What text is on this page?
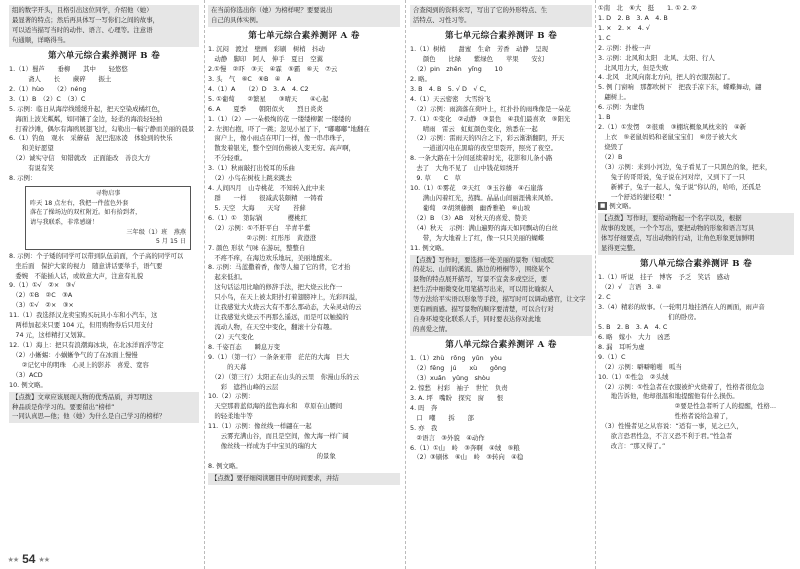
组的数字开头，且格引出这位同学，介绍他（她）
最显著的特点；然后再具体写一写你们之间的故事，
可以适当描写当时的动作、语言、心理等。注意语
句通顺，详略得当。
第六单元综合素养测评 B 卷
1.（1）蜀芦　　垂柳　　其中　　轻悠悠
　　　斋人　　长　　蕨碎　　振土
2.（1）hùo　　（2）néng
3.（1）B　（2）C　（3）C
5. 示例：临日从海岸线缓缓升起，把天空染成橘红色，
　海面上波光粼粼，如同镶了金边，轻柔的海浪轻轻拍
　打着沙滩，偶尔有海鸥展翅飞过，勾勒出一幅宁静而美丽的晨景
6.（1）钓鱼　观水　采蘑菇　泥巴泡冰凌　体验到的快乐
　　和美好愿望
　（2）诚实守信　知错就改　正面能改　善良大方
　　　有说有笑
8. 示例：
寻物启事
昨天 18 点左右，我把一件蓝色外套
落在了操场边的双杠附近。如有拾到者，
请与我联系，非常感谢！
三年级（1）班　燕燕
5 月 15 日
8. 示例：个子矮的同学可以带到队伍前面，个子高的同学可以
　坐后面　保护大家的视力　随意讲话要举手，语气要
　委婉　不能插人话，或故意大声，注意有礼貌
9.（1）①√　②×　③√
　（2）①B　②C　③A
　（3）①√　②×　③×
11.（1）我选择汉龙卖宝购买玩具小车和小汽车，这
　两样加起来只要 104 元，但用购物券后只用支付
　74 元，这样精打又划算。
12.（1）海上：把只有浪潮海冰块，在北冰洋面浮等定
　（2）小蜥蜴：小蜗蜥争气的了在冰面上慢慢
　　②记忆中的明珠　心灵上的影苏　喜爱、宽容
　（3）ACD
10. 例文略。
【点拨】文章应该展现人物的优秀品质，并写明这
种品质是你学习的。要要留出“榜样”
一同认真思—他；他（她）为什么是自己学习的榜样？
在当前你选出你（她）为榜样呢？要要说出
自己的具体实例。
第七单元综合素养测评 A 卷
1. 沉闷　渡过　壁画　彩刷　树梢　抖动
　动静　脚印　阿人　伸手　夏日　空翼
2.①慢　②吓　③天　④霖　⑤霸　⑥天　⑦云
3. 头　气　⑥C　⑥B　④　A
4.（1）A　　（2）D　3. A　4. C2
5. ①葡萄　　②繁星　　③晴天　　④心起
6. A　　夏季　　朝阳似火　　烈日炎炎
1.（1）（2）—一朵极绚的花 一缕缕柳絮 一缕缕的
2. 左拥右抱，吓了一跳；忽见小星了下，“嘟嘟嘟”地翻在
　窗户上，像小雨点在叩门一样，像一串串珠子，
　散发着银光，整个空间仿佛被人变无穷。高声啊，
　不分轻重。
3.（1）秋雨敲打出悦耳的乐曲
　（2）小鸟在树枝上跳来跳去
4. 人间四月　山寺桃花　不知转入此中来
　群　　一样　　很减武装颇精　一铸看
　5. 天空　大海　　天穹　　苔藓
6.（1）①　第际锅　　　　樱桃红
　（2）示例：①不肝平白　半青半紫
　　　　　　②示例：红彤彤　黄澄澄
7. 颜色 形状 气味 在游玩，整整自
　不疼不痒，在海边欢乐地玩，美丽地醒来。
8. 示例：马蓝撒着香，像等人撞了它的背，它才抬
　起来低扣。
　这句话运用比喻的修辞手法，把大烧云比作一
　只小鸟，在天上被太阳扑打着翅膀冲上，光彩四溢，
　让我感觉大火烧云大有不那么那动态，大朵灵动的云
　让我感觉火烧云不再那么遥远，而是可以触摸的
　流动人物，在天空中变化，翻滚十分有趣。
　（2）天气变化
8. 千姿百态　　瞬息万变
9.（1）（第一行）一条条亚带　茫茫的大海　巨大
　　　的天幕
　（2）（第三行）太阳正在山头的云里　你漫山乐的云
　　彩　遮挡山峰的云层
10.（2）示例：
　天空那碧蓝似海的蓝色海水和　草原在山腰间
　的轻柔地牛等
11.（1）示例：像丝线一样翩在一起
　　云雾充满山谷，而且是空间，像大海一样广阔
　　像丝线一样成为手中宝贝的瑞的大
　　　　　　　　　　　　　　　　　的景象
8. 例文略。
【点拨】要仔细阅读题目中的时间要求，并结
合查阅到的资料来写，写出了它的外形特点、生
活特点、习性习等。
第七单元综合素养测评 B 卷
1.（1）树梢　　甜蜜　生命　芳香　动静　呈现
　　颜色　　比绿　　紫绿色　　苹果　　安幻
　（2）pin　zhēn　yǐng　　10
2. 略。
3. B　4. B　5. √ D　√ C。
4.（1）天云密密　大雪纷飞
　（2）示例：雨滴落在荷叶上，红扑扑的雨珠像是一朵花
7.（1）①变化　②动静　③景色　④我们最喜欢　⑤阳光
　　晴雨　雷云　虹虹颜色变化，熟悉在一起
　（2）示例：雷雨天的四合之下，彩云渐渐翻阴，开天
　　一道道闪电在黑暗的夜空里裂开，照亮了夜空。
8. 一条大路在十分间延续着时光，花影和儿条小路
　去了　大角不见了　山中钱花如绣开
　9. 草　　C　草　　　　
10.（1）①雾花　②天红　③玉谷藤　④石崖落
　　满山闪着红光，蒸腾。晶晶山间丽涯佛来风娇。
　　葡萄　②胡须藤颤　幽香雅艳　⑥山坡
　（2）B　（3）AB　对秋天的喜爱、赞美
　（4）秋天　示例：满山遍野的海天如同飘动的白丝
　　带，为大地着上了红，像一只只美丽的蝴蝶
11. 例文略。
【点拨】写作时，要选择一处美丽的景物（如或院
的花坛、山间的溪流、路边的梧桐等），围绕某个
景物的特点展开描写，写景不宜贪多或空泛，要
把生活中细微变化用笔描写出来，可以用比喻拟人
等方法给平实语以形象等手段，描写时可以调动感官，让文字
更有画面感。描写景物的顺序要清楚，可以合行对
自身环境变化联系人手，同时要表达你对此地
的喜爱之情。
第八单元综合素养测评 A 卷
1.（1）zhù　rōng　yǔn　yòu
　（2）fēng　jú　　xù　　gōng
　（3）xuǎn　yǔng　shòu
2. 惊愁　村彩　袖子　世忙　负责
3. A. 坪　嘴盼　探究　窗　　恨
4. 吗　奔　　　　　　
　口　嘲　　拆　　部
5. 亦　我　　　　　　
　②语言　③外貌　④动作
6.（1）①山　岭　③奔啊　④绒　⑤粮
　（2）③刷体　⑥山　岭　③转向　④稳
①南　北　⑥大　挺　　1. ① 2. ②
1. D　2. B　3. A　4. B
1. ×　2. ×　4. √
1. C
2. 示例：扑梭一声
3. 示例：北风和太阳　北风、太阳、行人
　北风用力大，但是失败
4. 北风　北风向南北方向，把人的衣服刮起了。
5. 例 门窗响　那都吹树下　把我手凉下东，蝶蝶舞动，翩
　翩树上。
6. 示例：为虚伪
1. B
2.（1）①发愣　②很重　③棚坑概象风枕来的　④新
　上衣　⑤老鼠妈妈和老鼠宝宝们　⑥房子被大火
　烧毁了
　（2）B
　（3）示例：来到小河边，兔子看见了一只黑色的象，把来，
　　兔子的哥哥说，兔子说在河对岸，又到下了一只
　　新裤子，兔子一起人，兔子说”你认的，哈哈，还孤是
　　一个舒适的捷径哦！”
■ 例文略。
【点拨】写作时，要给动物起一个名字以及，根据
故事的发展，一个个写出，要把动物的形象和语言写具
体写仔细要点，写出动物的行动，让角色形象更加鲜明
显得更完整。
第八单元综合素养测评 B 卷
1.（1）听说　挂子　博客　予乏　笑话　感动
　（2）√　言语　3. ④
2. C
3.（4）精彩的故事。（一轮明月地挂洒在人的画面，雨声音
　　　　　　　　　　　们的卧房。
5. B　2. B　3. A　4. C
6. 略　嫁小　大力　凶恶
8. 漏　耳听为虚
9.（1）C
　（2）示例：噼噼啪啪　呱当
10.（1）①性急　②头绒
　（2）示例：①性急者在衣服被炉火烧着了，性格者很危急
　　地告诉他，他却很温和地提醒他有什么损伤。
　　　　　　　　　　　　②要是性急者听了人的提醒，性格...
　　　　　　　　　　　　性格者说给急着了，
　（3）性慢者见之从容说：“适有一事，见之已久，
　　欲言恐君性急，不言又恐不利于君。”性急者
　　改言：“那又得了。”
★★ 54 ★★
